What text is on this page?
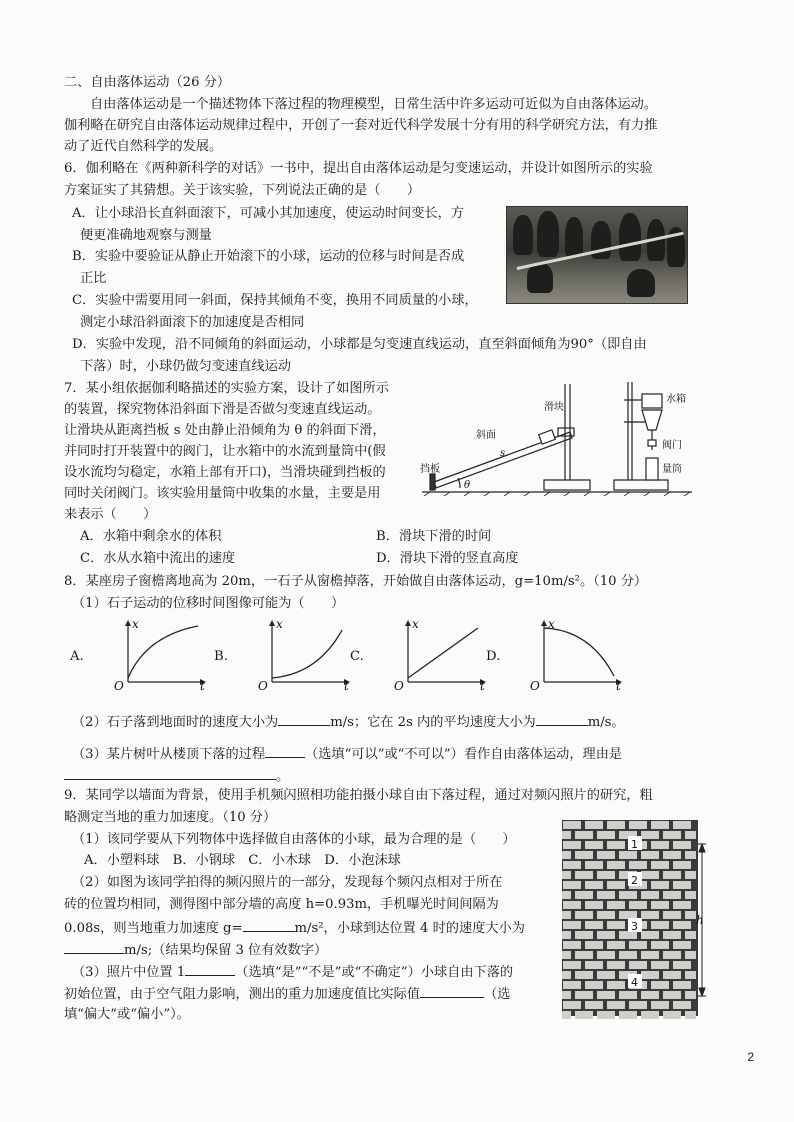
二、自由落体运动（26 分）
自由落体运动是一个描述物体下落过程的物理模型，日常生活中许多运动可近似为自由落体运动。
伽利略在研究自由落体运动规律过程中，开创了一套对近代科学发展十分有用的科学研究方法，有力推
动了近代自然科学的发展。
6．伽利略在《两种新科学的对话》一书中，提出自由落体运动是匀变速运动，并设计如图所示的实验
方案证实了其猜想。关于该实验，下列说法正确的是（　　）
A．让小球沿长直斜面滚下，可减小其加速度，使运动时间变长，方
便更准确地观察与测量
B．实验中要验证从静止开始滚下的小球，运动的位移与时间是否成
正比
C．实验中需要用同一斜面，保持其倾角不变，换用不同质量的小球，
测定小球沿斜面滚下的加速度是否相同
D．实验中发现，沿不同倾角的斜面运动，小球都是匀变速直线运动，直至斜面倾角为90°（即自由
下落）时，小球仍做匀变速直线运动
7．某小组依据伽利略描述的实验方案，设计了如图所示
的装置，探究物体沿斜面下滑是否做匀变速直线运动。
让滑块从距离挡板 s 处由静止沿倾角为 θ 的斜面下滑，
并同时打开装置中的阀门，让水箱中的水流到量筒中(假
设水流均匀稳定，水箱上部有开口)，当滑块碰到挡板的
同时关闭阀门。该实验用量筒中收集的水量，主要是用
来表示（　　）
A．水箱中剩余水的体积	B．滑块下滑的时间
C．水从水箱中流出的速度	D．滑块下滑的竖直高度
滑块
斜面
s
挡板
θ
水箱
阀门
量筒
8．某座房子窗檐离地高为 20m，一石子从窗檐掉落，开始做自由落体运动，g=10m/s²。（10 分）
（1）石子运动的位移时间图像可能为（　　）
x
t
O
x
t
O
x
t
O
x
t
O
（2）石子落到地面时的速度大小为	m/s；它在 2s 内的平均速度大小为	m/s。
（3）某片树叶从楼顶下落的过程	（选填“可以”或“不可以”）看作自由落体运动，理由是
。
9．某同学以墙面为背景，使用手机频闪照相功能拍摄小球自由下落过程，通过对频闪照片的研究，粗
略测定当地的重力加速度。（10 分）
（1）该同学要从下列物体中选择做自由落体的小球，最为合理的是（　　）
A．小塑料球　B．小钢球　C．小木球　D．小泡沫球
（2）如图为该同学拍得的频闪照片的一部分，发现每个频闪点相对于所在
砖的位置均相同，测得图中部分墙的高度 h=0.93m，手机曝光时间间隔为
0.08s，则当地重力加速度 g=	m/s²，小球到达位置 4 时的速度大小为
m/s;（结果均保留 3 位有效数字）
（3）照片中位置 1	（选填“是”“不是”或“不确定”）小球自由下落的
初始位置，由于空气阻力影响，测出的重力加速度值比实际值	（选
填“偏大”或“偏小”）。
h
1
2
3
4
2
A.	B.	C.	D.
